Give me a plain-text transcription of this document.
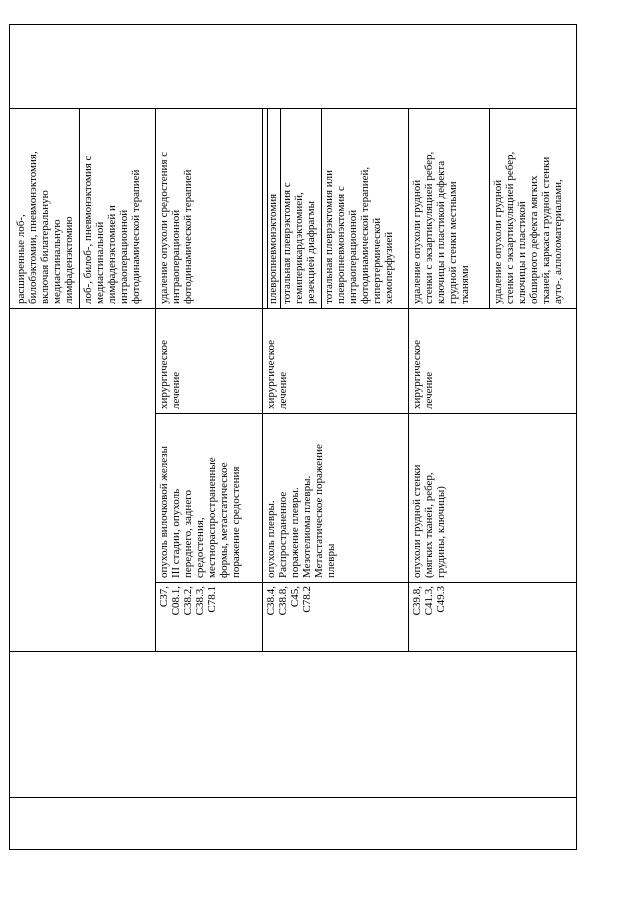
расширенные лоб-,
билобэктомии, пневмонэктомия,
включая билатеральную
медиастинальную
лимфаденэктомию лоб-, билоб-, пневмонэктомия с
медиастинальной
лимфаденэктомией и
интраоперационной
фотодинамической терапией
C37,
C08.1,
C38.2,
C38.3,
C78.1
опухоль вилочковой железы
III стадии, опухоль
переднего, заднего
средостения,
местнораспространенные
формы, метастатическое
поражение средостения
хирургическое
лечение
удаление опухоли средостения с
интраоперационной
фотодинамической терапией
C38.4,
C38.8,
C45,
C78.2
опухоль плевры.
Распространенное
поражение плевры.
Мезотелиома плевры.
Метастатическое поражение
плевры
хирургическое
лечение
плевропневмонэктомия тотальная плеврэктомия с
гемиперикардэктомией,
резекцией диафрагмы
тотальная плеврэктомия или
плевропневмонэктомия с
интраоперационной
фотодинамической терапией,
гипертермической
хемоперфузией
C39.8,
C41.3,
C49.3
опухоли грудной стенки
(мягких тканей, ребер,
грудины, ключицы)
хирургическое
лечение
удаление опухоли грудной
стенки с экзартикуляцией ребер,
ключицы и пластикой дефекта
грудной стенки местными
тканями	удаление опухоли грудной
стенки с экзартикуляцией ребер,
ключицы и пластикой
обширного дефекта мягких
тканей, каркаса грудной стенки
ауто-, аллоломатериалами,
